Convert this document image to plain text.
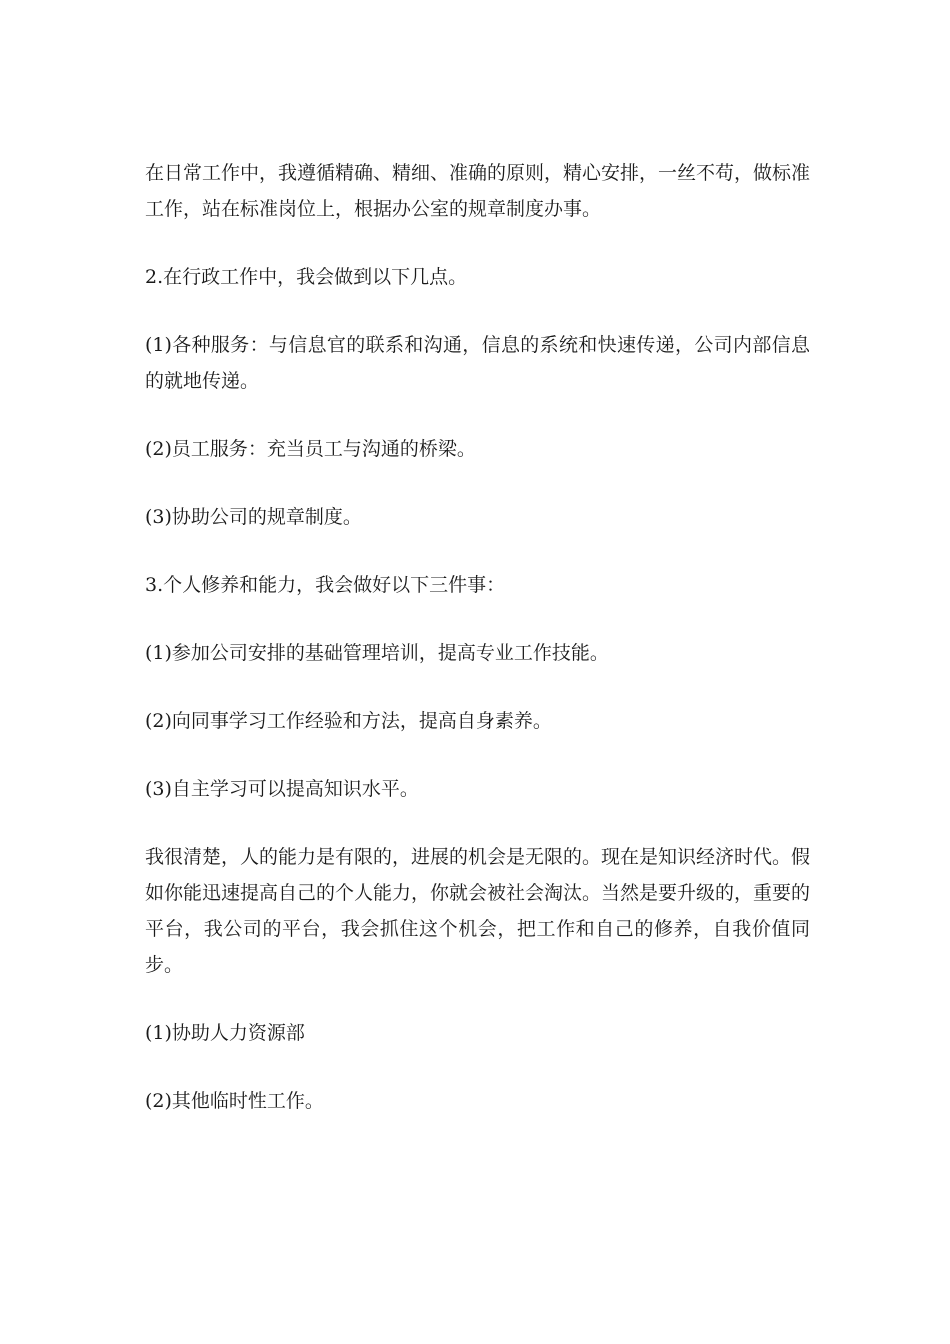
在日常工作中，我遵循精确、精细、准确的原则，精心安排，一丝不苟，做标准工作，站在标准岗位上，根据办公室的规章制度办事。

2.在行政工作中，我会做到以下几点。

(1)各种服务：与信息官的联系和沟通，信息的系统和快速传递，公司内部信息的就地传递。

(2)员工服务：充当员工与沟通的桥梁。

(3)协助公司的规章制度。

3.个人修养和能力，我会做好以下三件事：

(1)参加公司安排的基础管理培训，提高专业工作技能。

(2)向同事学习工作经验和方法，提高自身素养。

(3)自主学习可以提高知识水平。

我很清楚，人的能力是有限的，进展的机会是无限的。现在是知识经济时代。假如你能迅速提高自己的个人能力，你就会被社会淘汰。当然是要升级的，重要的平台，我公司的平台，我会抓住这个机会，把工作和自己的修养，自我价值同步。

(1)协助人力资源部

(2)其他临时性工作。
